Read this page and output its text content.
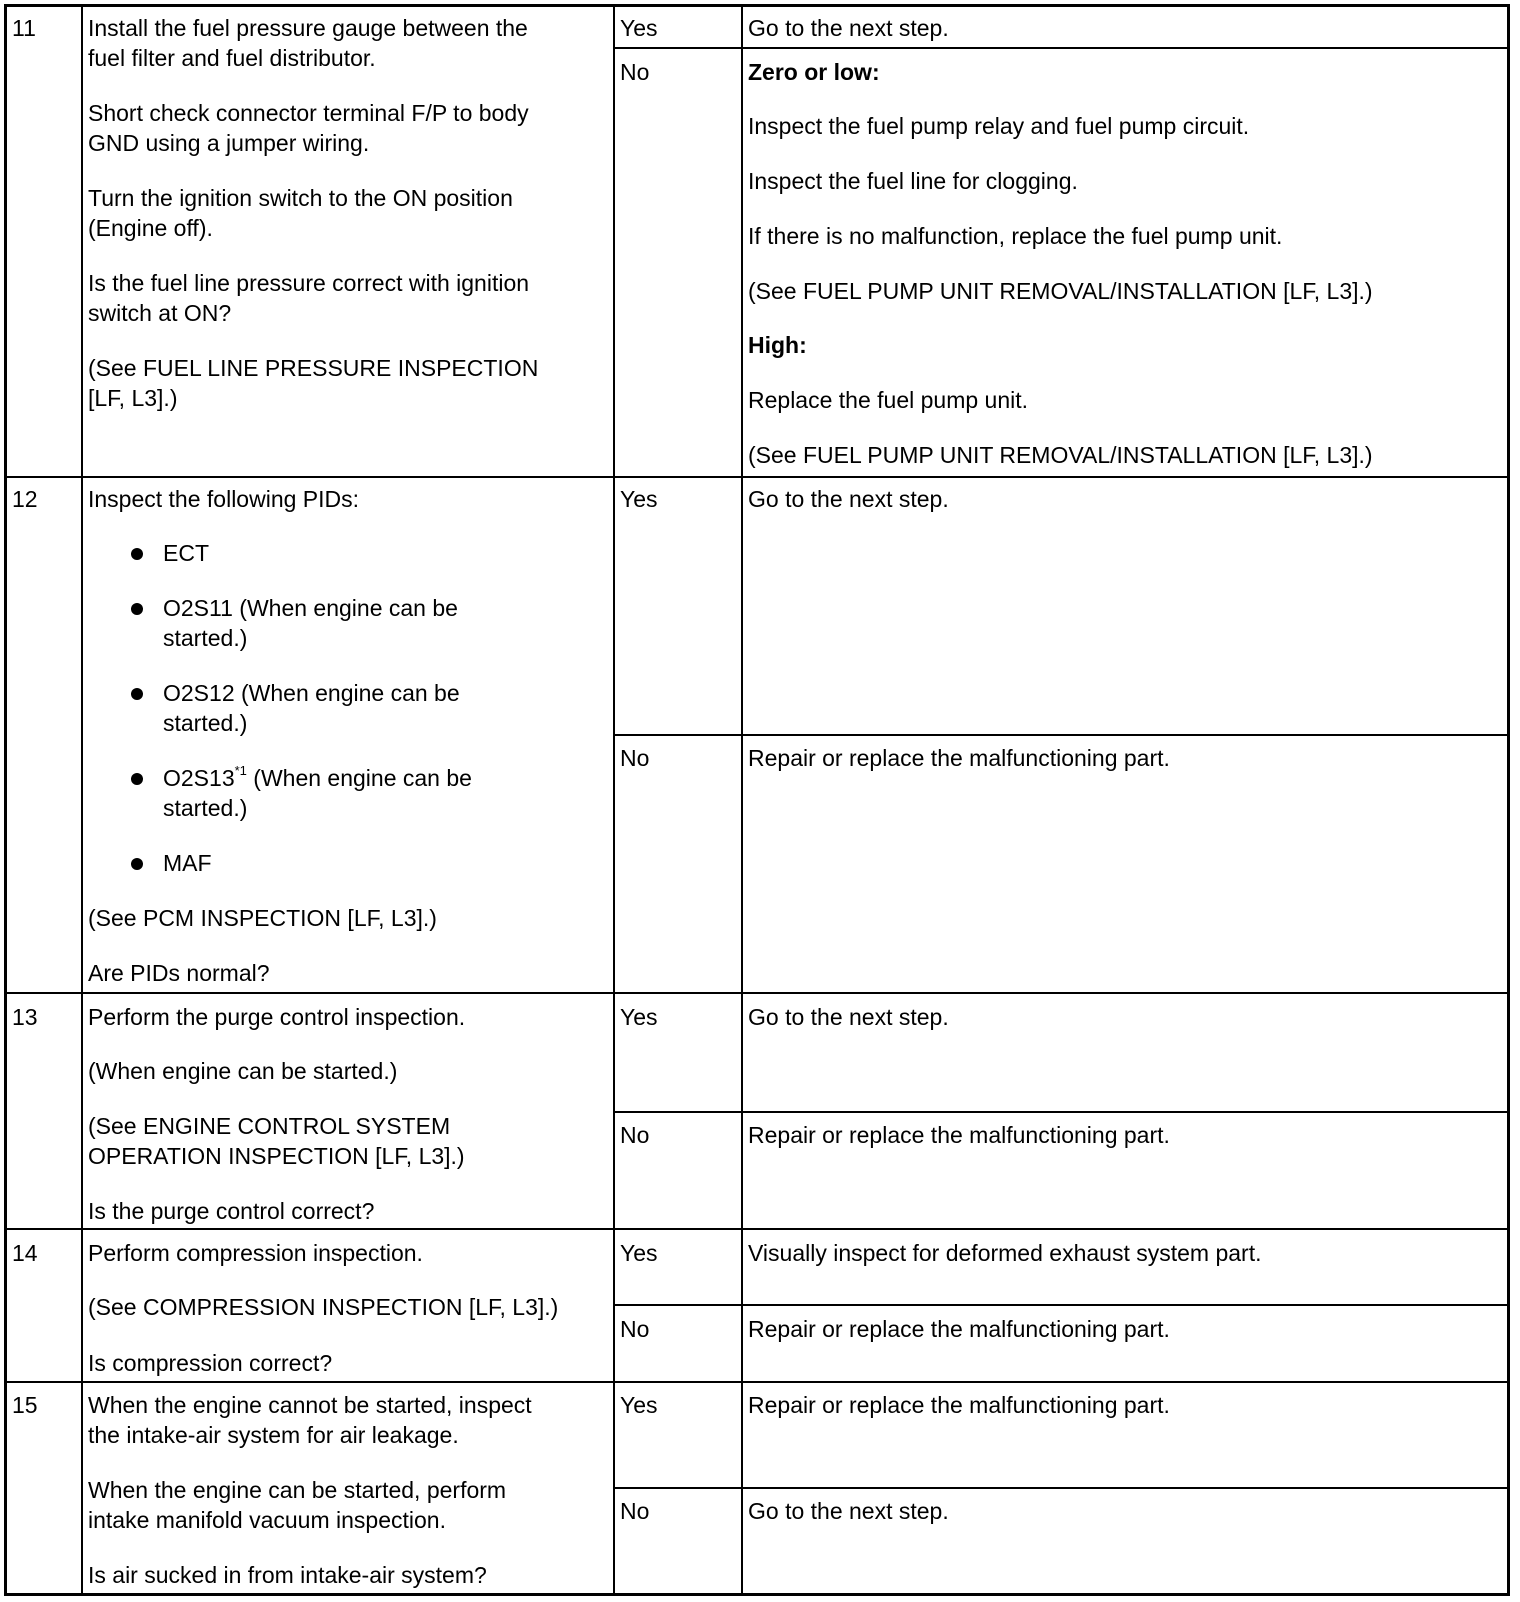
11 Install the fuel pressure gauge between the

fuel filter and fuel distributor.

Short check connector terminal F/P to body

GND using a jumper wiring.

Turn the ignition switch to the ON position

(Engine off).

Is the fuel line pressure correct with ignition

switch at ON?

(See FUEL LINE PRESSURE INSPECTION

[LF, L3].)

Yes	Go to the next step.

No	Zero or low:

Inspect the fuel pump relay and fuel pump circuit.

Inspect the fuel line for clogging.

If there is no malfunction, replace the fuel pump unit.

(See FUEL PUMP UNIT REMOVAL/INSTALLATION [LF, L3].)

High:

Replace the fuel pump unit.

(See FUEL PUMP UNIT REMOVAL/INSTALLATION [LF, L3].)

12 Inspect the following PIDs:

ECT

O2S11 (When engine can be

started.)

O2S12 (When engine can be

started.)

O2S13$^{*1}$ (When engine can be

started.)

MAF

(See PCM INSPECTION [LF, L3].)

Are PIDs normal?

Yes	Go to the next step.

No	Repair or replace the malfunctioning part.

13 Perform the purge control inspection.

(When engine can be started.)

(See ENGINE CONTROL SYSTEM

OPERATION INSPECTION [LF, L3].)

Is the purge control correct?

Yes	Go to the next step.

No	Repair or replace the malfunctioning part.

14 Perform compression inspection.

(See COMPRESSION INSPECTION [LF, L3].)

Is compression correct?

Yes	Visually inspect for deformed exhaust system part.

No	Repair or replace the malfunctioning part.

15 When the engine cannot be started, inspect

the intake-air system for air leakage.

When the engine can be started, perform

intake manifold vacuum inspection.

Is air sucked in from intake-air system?

Yes	Repair or replace the malfunctioning part.

No	Go to the next step.
